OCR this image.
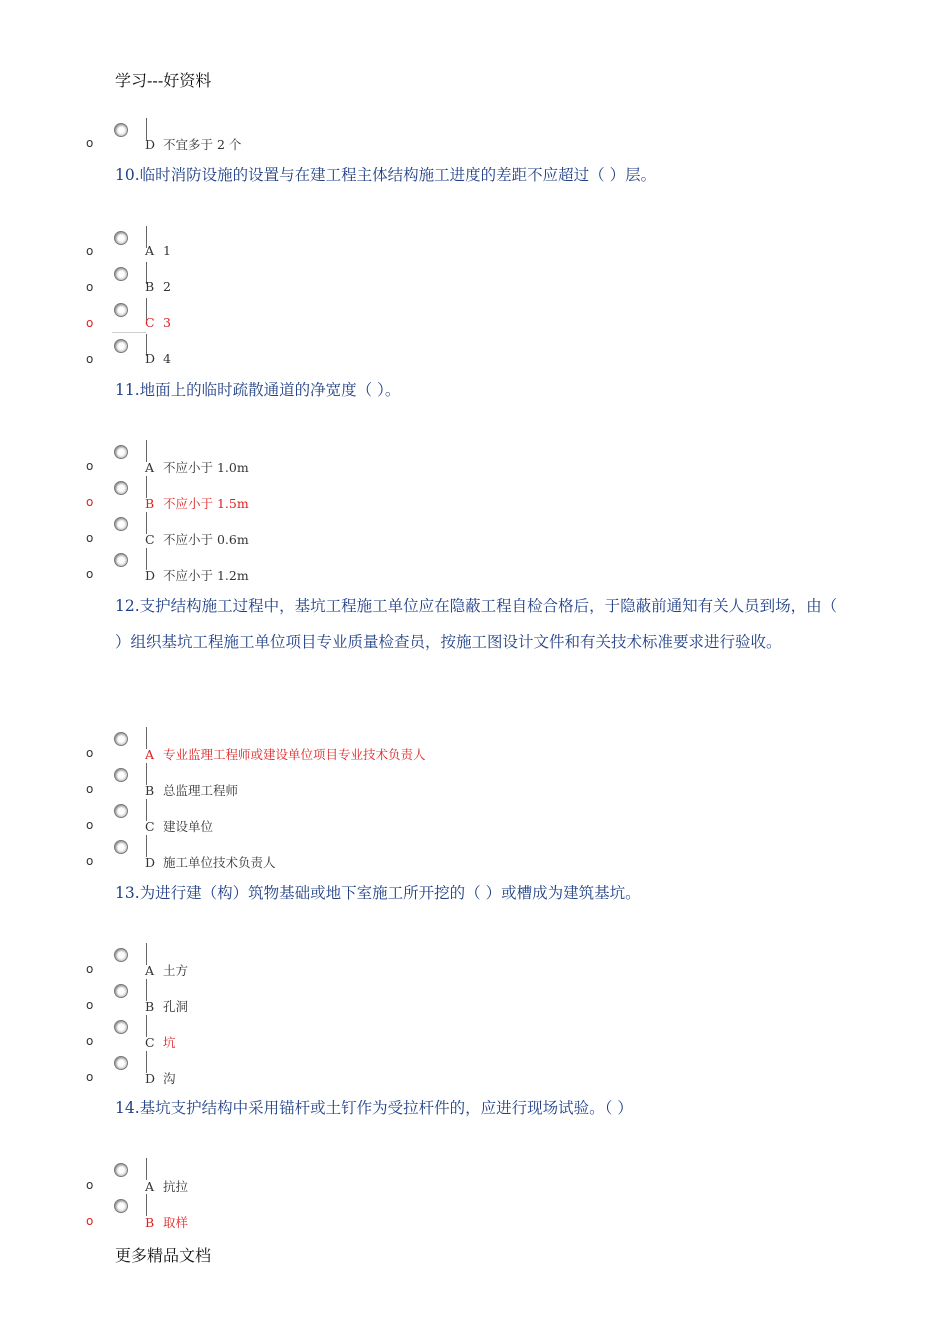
学习---好资料
o	D 不宜多于 2 个
10.临时消防设施的设置与在建工程主体结构施工进度的差距不应超过（ ）层。
o	A 1
o	B 2
o	C 3
o	D 4
11.地面上的临时疏散通道的净宽度（ ）。
o	A 不应小于 1.0m
o	B 不应小于 1.5m
o	C 不应小于 0.6m
o	D 不应小于 1.2m
12.支护结构施工过程中，基坑工程施工单位应在隐蔽工程自检合格后，于隐蔽前通知有关人员到场，由（ ）组织基坑工程施工单位项目专业质量检查员，按施工图设计文件和有关技术标准要求进行验收。
o	A 专业监理工程师或建设单位项目专业技术负责人
o	B 总监理工程师
o	C 建设单位
o	D 施工单位技术负责人
13.为进行建（构）筑物基础或地下室施工所开挖的（ ）或槽成为建筑基坑。
o	A 土方
o	B 孔洞
o	C 坑
o	D 沟
14.基坑支护结构中采用锚杆或土钉作为受拉杆件的，应进行现场试验。（ ）
o	A 抗拉
o	B 取样
更多精品文档
